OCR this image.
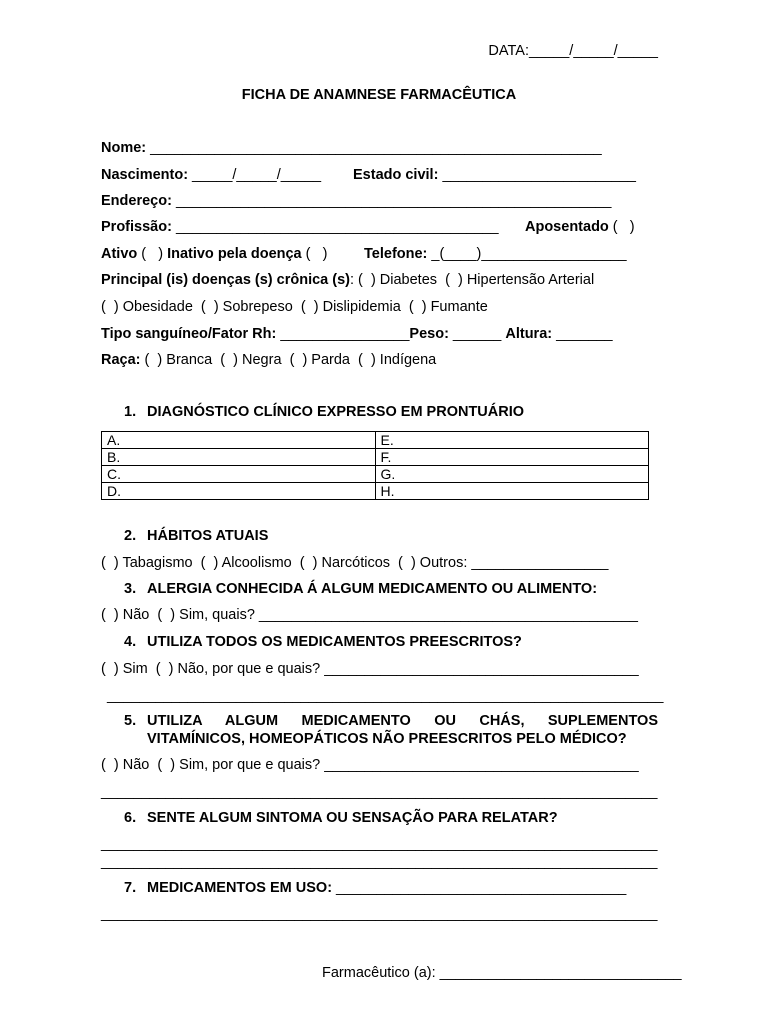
DATA:_____/_____/_____
FICHA DE ANAMNESE FARMACÊUTICA
Nome: ________________________________________________________
Nascimento: _____/_____/_____ Estado civil: ________________________
Endereço: ______________________________________________________
Profissão: ________________________________________ Aposentado (   )
Ativo (   ) Inativo pela doença (   ) Telefone: _(____)__________________
Principal (is) doenças (s) crônica (s): (  ) Diabetes  (  ) Hipertensão Arterial
(  ) Obesidade  (  ) Sobrepeso  (  ) Dislipidemia  (  ) Fumante
Tipo sanguíneo/Fator Rh: ________________Peso: ______ Altura: _______
Raça: (  ) Branca  (  ) Negra  (  ) Parda  (  ) Indígena
1. DIAGNÓSTICO CLÍNICO EXPRESSO EM PRONTUÁRIO
A.	E.
B.	F.
C.	G.
D.	H.
2. HÁBITOS ATUAIS
(  ) Tabagismo  (  ) Alcoolismo  (  ) Narcóticos  (  ) Outros: _________________
3. ALERGIA CONHECIDA Á ALGUM MEDICAMENTO OU ALIMENTO:
(  ) Não  (  ) Sim, quais? _______________________________________________
4. UTILIZA TODOS OS MEDICAMENTOS PREESCRITOS?
(  ) Sim  (  ) Não, por que e quais? _______________________________________
_____________________________________________________________________
5. UTILIZA ALGUM MEDICAMENTO OU CHÁS, SUPLEMENTOS
VITAMÍNICOS, HOMEOPÁTICOS NÃO PREESCRITOS PELO MÉDICO?
(  ) Não  (  ) Sim, por que e quais? _______________________________________
_____________________________________________________________________
6. SENTE ALGUM SINTOMA OU SENSAÇÃO PARA RELATAR?
_____________________________________________________________________
_____________________________________________________________________
7. MEDICAMENTOS EM USO: ____________________________________
_____________________________________________________________________
Farmacêutico (a): ______________________________
